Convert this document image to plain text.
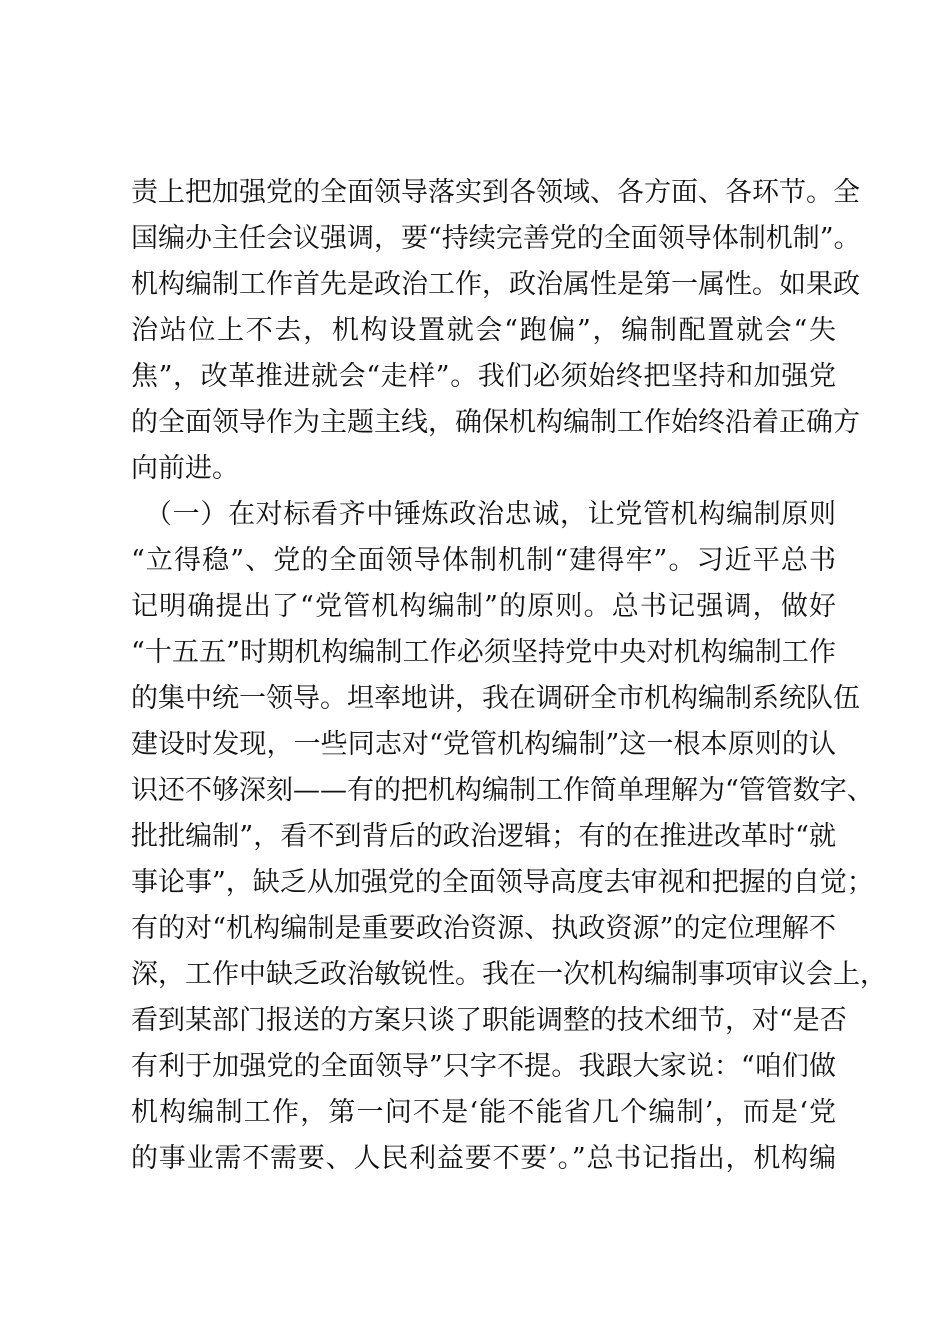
责上把加强党的全面领导落实到各领域、各方面、各环节。全
国编办主任会议强调，要“持续完善党的全面领导体制机制”。
机构编制工作首先是政治工作，政治属性是第一属性。如果政
治站位上不去，机构设置就会“跑偏”，编制配置就会“失
焦”，改革推进就会“走样”。我们必须始终把坚持和加强党
的全面领导作为主题主线，确保机构编制工作始终沿着正确方
向前进。
（一）在对标看齐中锤炼政治忠诚，让党管机构编制原则
“立得稳”、党的全面领导体制机制“建得牢”。习近平总书
记明确提出了“党管机构编制”的原则。总书记强调，做好
“十五五”时期机构编制工作必须坚持党中央对机构编制工作
的集中统一领导。坦率地讲，我在调研全市机构编制系统队伍
建设时发现，一些同志对“党管机构编制”这一根本原则的认
识还不够深刻——有的把机构编制工作简单理解为“管管数字、
批批编制”，看不到背后的政治逻辑；有的在推进改革时“就
事论事”，缺乏从加强党的全面领导高度去审视和把握的自觉；
有的对“机构编制是重要政治资源、执政资源”的定位理解不
深，工作中缺乏政治敏锐性。我在一次机构编制事项审议会上，
看到某部门报送的方案只谈了职能调整的技术细节，对“是否
有利于加强党的全面领导”只字不提。我跟大家说：“咱们做
机构编制工作，第一问不是‘能不能省几个编制’，而是‘党
的事业需不需要、人民利益要不要’。”总书记指出，机构编
